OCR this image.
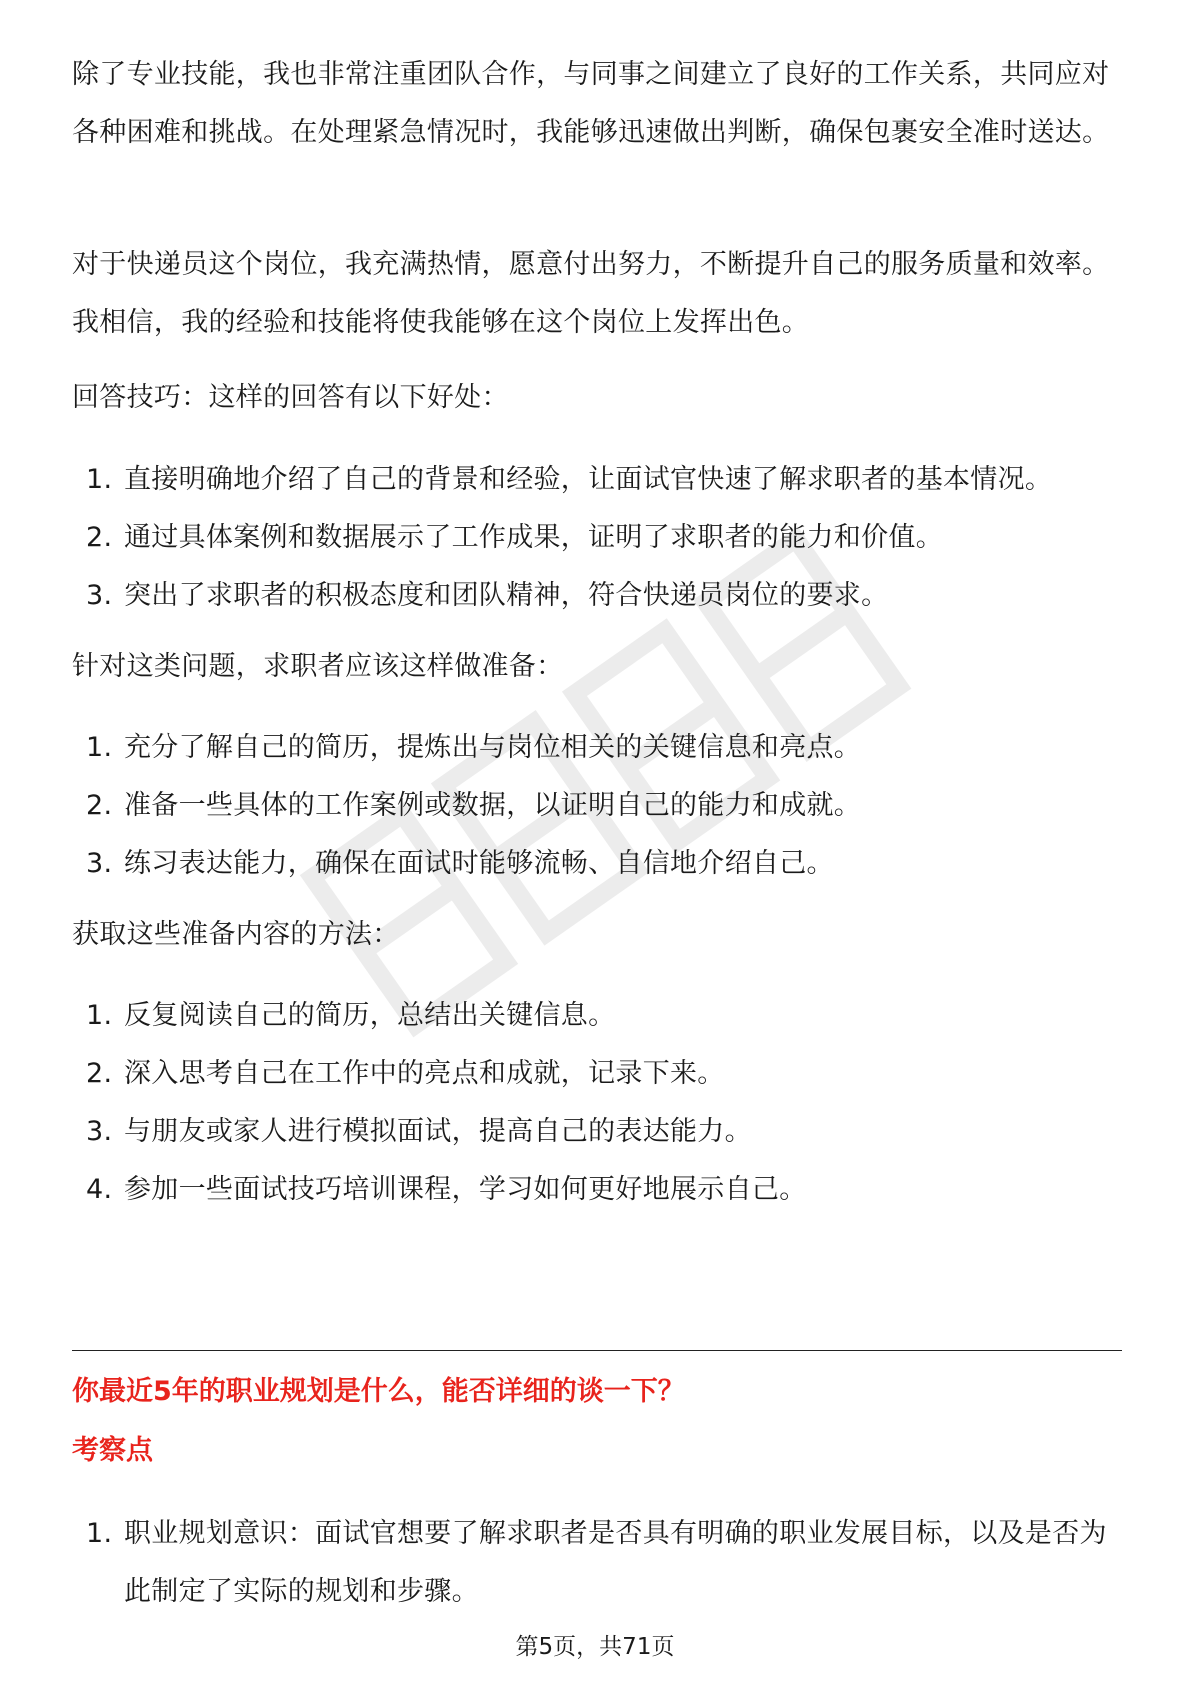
除了专业技能，我也非常注重团队合作，与同事之间建立了良好的工作关系，共同应对各种困难和挑战。在处理紧急情况时，我能够迅速做出判断，确保包裹安全准时送达。

对于快递员这个岗位，我充满热情，愿意付出努力，不断提升自己的服务质量和效率。我相信，我的经验和技能将使我能够在这个岗位上发挥出色。

回答技巧：这样的回答有以下好处：

1. 直接明确地介绍了自己的背景和经验，让面试官快速了解求职者的基本情况。
2. 通过具体案例和数据展示了工作成果，证明了求职者的能力和价值。
3. 突出了求职者的积极态度和团队精神，符合快递员岗位的要求。

针对这类问题，求职者应该这样做准备：

1. 充分了解自己的简历，提炼出与岗位相关的关键信息和亮点。
2. 准备一些具体的工作案例或数据，以证明自己的能力和成就。
3. 练习表达能力，确保在面试时能够流畅、自信地介绍自己。

获取这些准备内容的方法：

1. 反复阅读自己的简历，总结出关键信息。
2. 深入思考自己在工作中的亮点和成就，记录下来。
3. 与朋友或家人进行模拟面试，提高自己的表达能力。
4. 参加一些面试技巧培训课程，学习如何更好地展示自己。
你最近5年的职业规划是什么，能否详细的谈一下？
考察点
1. 职业规划意识：面试官想要了解求职者是否具有明确的职业发展目标，以及是否为此制定了实际的规划和步骤。
第5页，共71页
